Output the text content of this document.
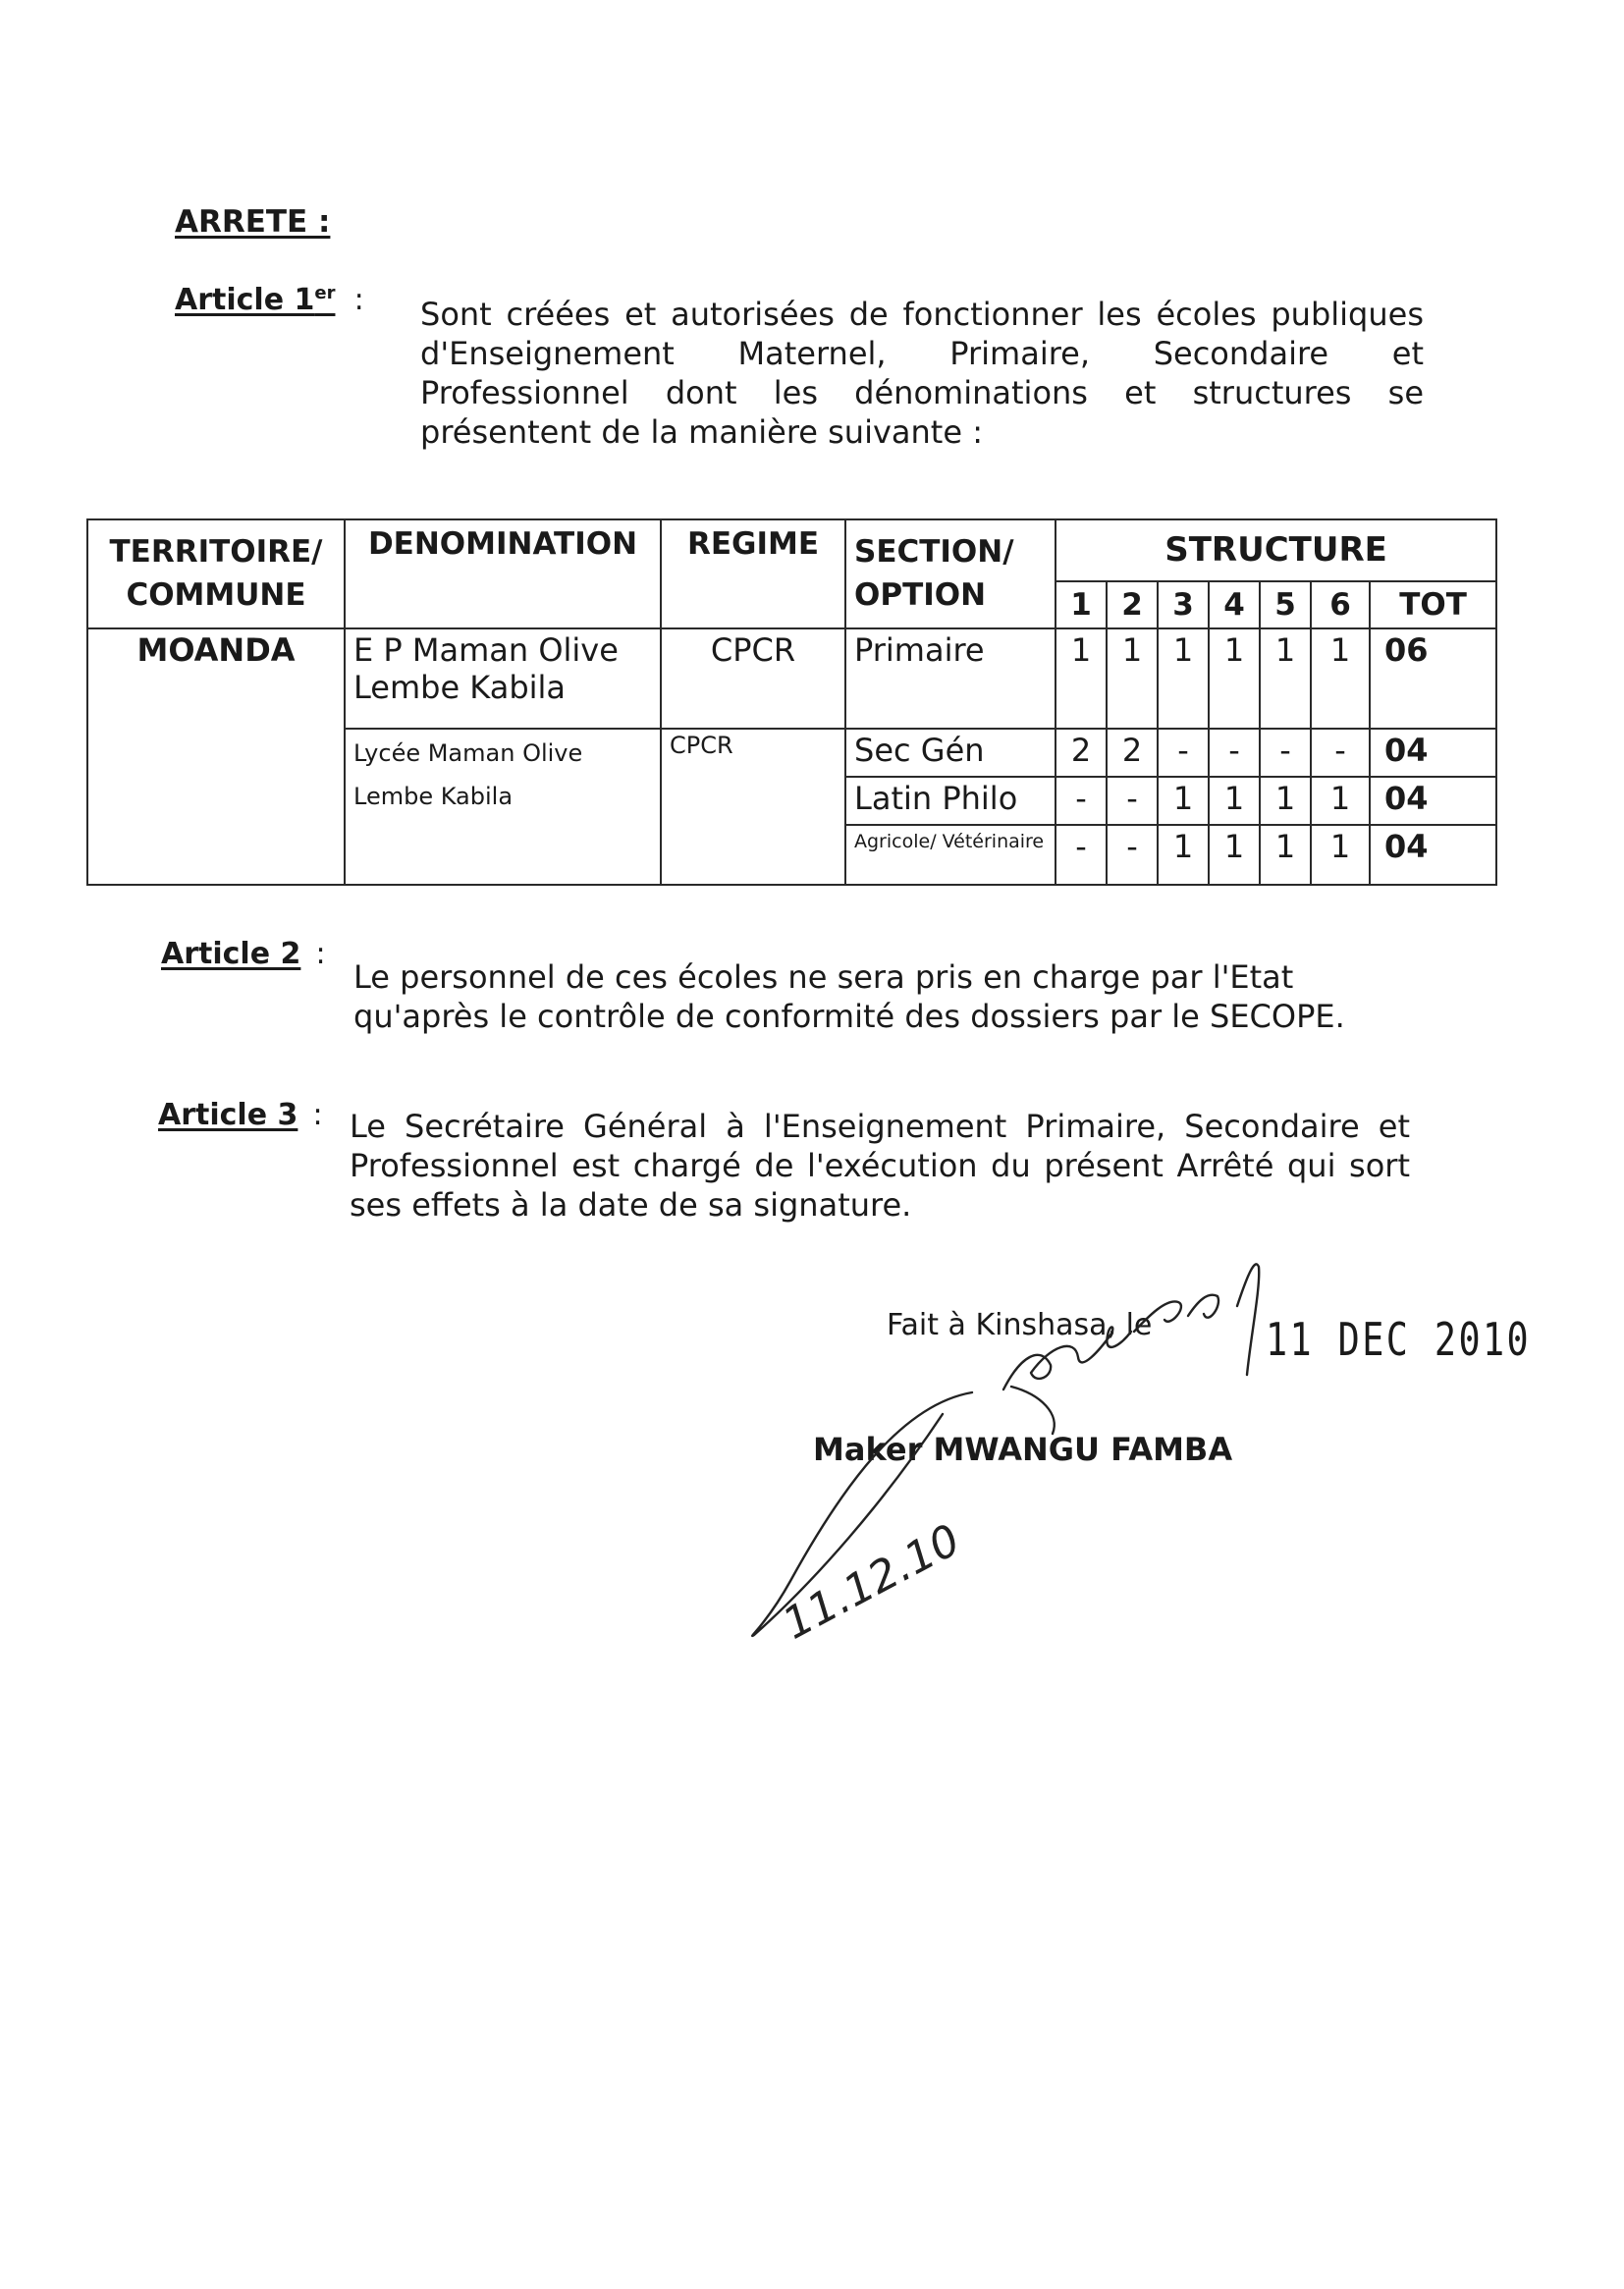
ARRETE :
Article 1er : Sont créées et autorisées de fonctionner les écoles publiques d'Enseignement Maternel, Primaire, Secondaire et Professionnel dont les dénominations et structures se présentent de la manière suivante :
TERRITOIRE/ COMMUNE	DENOMINATION	REGIME	SECTION/ OPTION	STRUCTURE						
				1	2	3	4	5	6	TOT
MOANDA	E P Maman Olive Lembe Kabila	CPCR	Primaire	1	1	1	1	1	1	06
	Lycée Maman Olive Lembe Kabila	CPCR	Sec Gén	2	2	-	-	-	-	04
			Latin Philo	-	-	1	1	1	1	04
			Agricole/ Vétérinaire	-	-	1	1	1	1	04
Article 2 :
Le personnel de ces écoles ne sera pris en charge par l'Etat qu'après le contrôle de conformité des dossiers par le SECOPE.
Article 3 : Le Secrétaire Général à l'Enseignement Primaire, Secondaire et Professionnel est chargé de l'exécution du présent Arrêté qui sort ses effets à la date de sa signature.
Fait à Kinshasa, le	11 DEC 2010
Maker MWANGU FAMBA
11.12.10
